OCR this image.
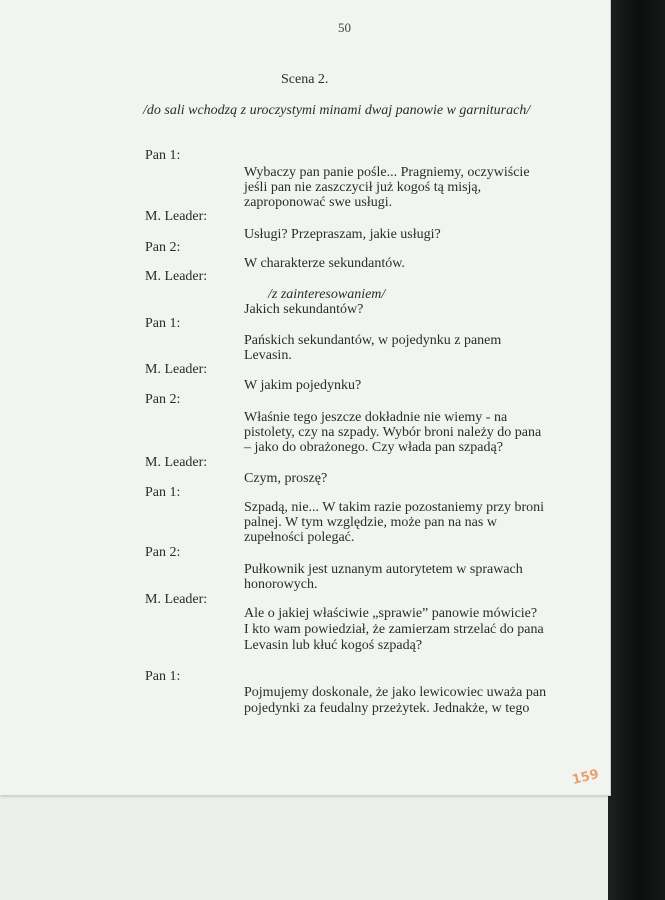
50
Scena 2.
/do sali wchodzą z uroczystymi minami dwaj panowie w garniturach/
Pan 1:
M. Leader:
Pan 2:
M. Leader:
Pan 1:
M. Leader:
Pan 2:
M. Leader:
Pan 1:
Pan 2:
M. Leader:
Pan 1:
Wybaczy pan panie pośle... Pragniemy, oczywiście
jeśli pan nie zaszczycił już kogoś tą misją,
zaproponować swe usługi.
Usługi? Przepraszam, jakie usługi?
W charakterze sekundantów.
/z zainteresowaniem/
Jakich sekundantów?
Pańskich sekundantów, w pojedynku z panem
Levasin.
W jakim pojedynku?
Właśnie tego jeszcze dokładnie nie wiemy - na
pistolety, czy na szpady. Wybór broni należy do pana
– jako do obrażonego. Czy włada pan szpadą?
Czym, proszę?
Szpadą, nie... W takim razie pozostaniemy przy broni
palnej. W tym względzie, może pan na nas w
zupełności polegać.
Pułkownik jest uznanym autorytetem w sprawach
honorowych.
Ale o jakiej właściwie „sprawie” panowie mówicie?
I kto wam powiedział, że zamierzam strzelać do pana
Levasin lub kłuć kogoś szpadą?
Pojmujemy doskonale, że jako lewicowiec uważa pan
pojedynki za feudalny przeżytek. Jednakże, w tego
159
